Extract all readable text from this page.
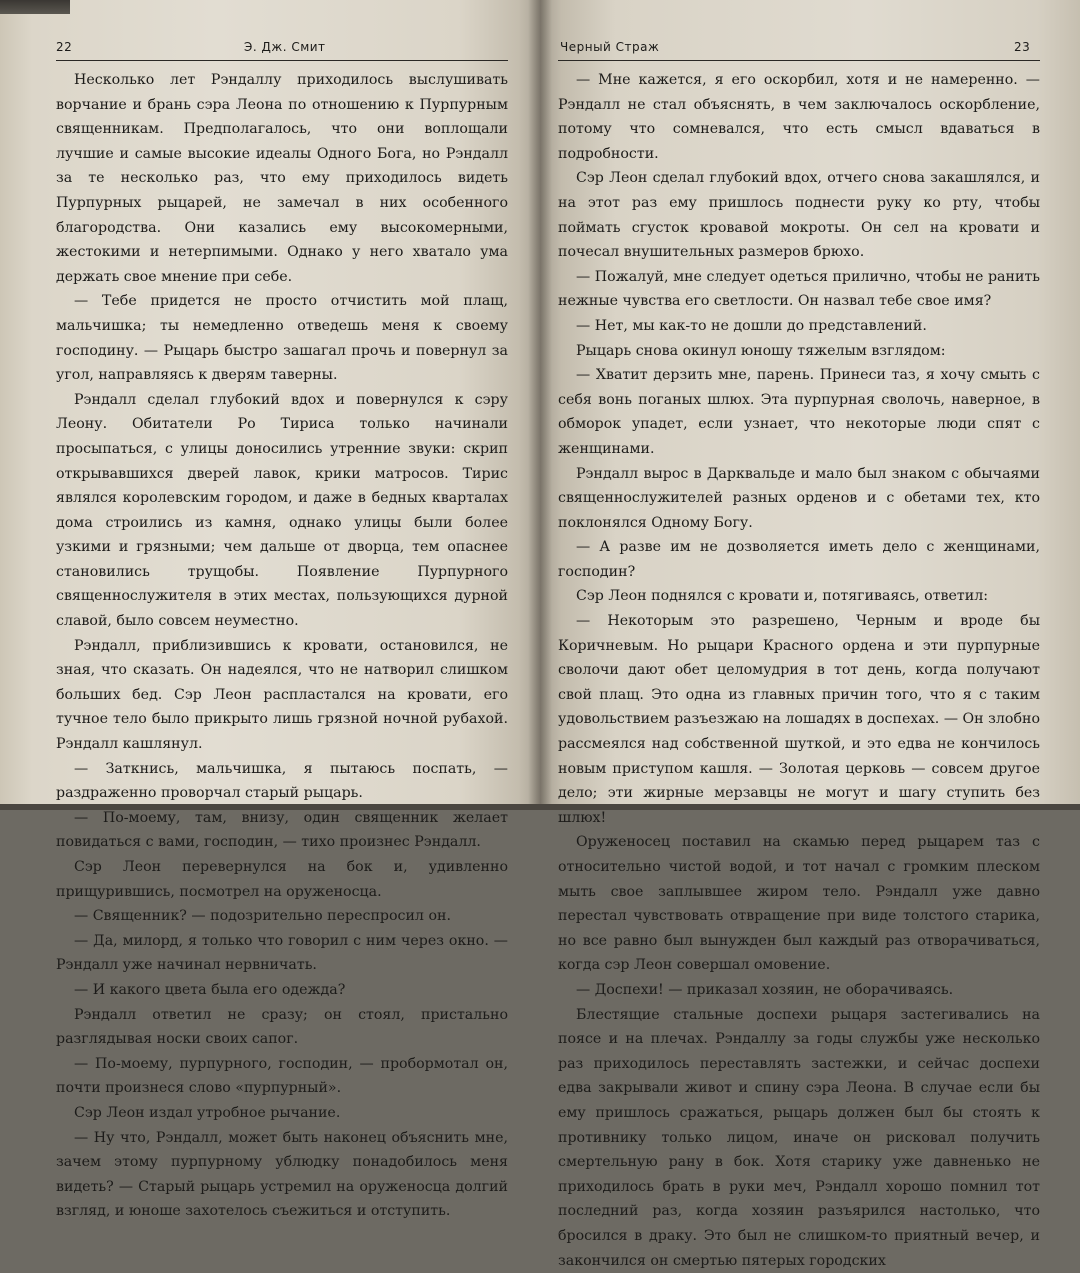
22	Э. Дж. Смит

Несколько лет Рэндаллу приходилось выслушивать ворчание и брань сэра Леона по отношению к Пурпурным священникам. Предполагалось, что они воплощали лучшие и самые высокие идеалы Одного Бога, но Рэндалл за те несколько раз, что ему приходилось видеть Пурпурных рыцарей, не замечал в них особенного благородства. Они казались ему высокомерными, жестокими и нетерпимыми. Однако у него хватало ума держать свое мнение при себе.

— Тебе придется не просто отчистить мой плащ, мальчишка; ты немедленно отведешь меня к своему господину. — Рыцарь быстро зашагал прочь и повернул за угол, направляясь к дверям таверны.

Рэндалл сделал глубокий вдох и повернулся к сэру Леону. Обитатели Ро Тириса только начинали просыпаться, с улицы доносились утренние звуки: скрип открывавшихся дверей лавок, крики матросов. Тирис являлся королевским городом, и даже в бедных кварталах дома строились из камня, однако улицы были более узкими и грязными; чем дальше от дворца, тем опаснее становились трущобы. Появление Пурпурного священнослужителя в этих местах, пользующихся дурной славой, было совсем неуместно.

Рэндалл, приблизившись к кровати, остановился, не зная, что сказать. Он надеялся, что не натворил слишком больших бед. Сэр Леон распластался на кровати, его тучное тело было прикрыто лишь грязной ночной рубахой. Рэндалл кашлянул.

— Заткнись, мальчишка, я пытаюсь поспать, — раздраженно проворчал старый рыцарь.

— По-моему, там, внизу, один священник желает повидаться с вами, господин, — тихо произнес Рэндалл.

Сэр Леон перевернулся на бок и, удивленно прищурившись, посмотрел на оруженосца.

— Священник? — подозрительно переспросил он.

— Да, милорд, я только что говорил с ним через окно. — Рэндалл уже начинал нервничать.

— И какого цвета была его одежда?

Рэндалл ответил не сразу; он стоял, пристально разглядывая носки своих сапог.

— По-моему, пурпурного, господин, — пробормотал он, почти произнеся слово «пурпурный».

Сэр Леон издал утробное рычание.

— Ну что, Рэндалл, может быть наконец объяснить мне, зачем этому пурпурному ублюдку понадобилось меня видеть? — Старый рыцарь устремил на оруженосца долгий взгляд, и юноше захотелось съежиться и отступить.

Черный Страж	23

— Мне кажется, я его оскорбил, хотя и не намеренно. — Рэндалл не стал объяснять, в чем заключалось оскорбление, потому что сомневался, что есть смысл вдаваться в подробности.

Сэр Леон сделал глубокий вдох, отчего снова закашлялся, и на этот раз ему пришлось поднести руку ко рту, чтобы поймать сгусток кровавой мокроты. Он сел на кровати и почесал внушительных размеров брюхо.

— Пожалуй, мне следует одеться прилично, чтобы не ранить нежные чувства его светлости. Он назвал тебе свое имя?

— Нет, мы как-то не дошли до представлений.

Рыцарь снова окинул юношу тяжелым взглядом:

— Хватит дерзить мне, парень. Принеси таз, я хочу смыть с себя вонь поганых шлюх. Эта пурпурная сволочь, наверное, в обморок упадет, если узнает, что некоторые люди спят с женщинами.

Рэндалл вырос в Дарквальде и мало был знаком с обычаями священнослужителей разных орденов и с обетами тех, кто поклонялся Одному Богу.

— А разве им не дозволяется иметь дело с женщинами, господин?

Сэр Леон поднялся с кровати и, потягиваясь, ответил:

— Некоторым это разрешено, Черным и вроде бы Коричневым. Но рыцари Красного ордена и эти пурпурные сволочи дают обет целомудрия в тот день, когда получают свой плащ. Это одна из главных причин того, что я с таким удовольствием разъезжаю на лошадях в доспехах. — Он злобно рассмеялся над собственной шуткой, и это едва не кончилось новым приступом кашля. — Золотая церковь — совсем другое дело; эти жирные мерзавцы не могут и шагу ступить без шлюх!

Оруженосец поставил на скамью перед рыцарем таз с относительно чистой водой, и тот начал с громким плеском мыть свое заплывшее жиром тело. Рэндалл уже давно перестал чувствовать отвращение при виде толстого старика, но все равно был вынужден был каждый раз отворачиваться, когда сэр Леон совершал омовение.

— Доспехи! — приказал хозяин, не оборачиваясь.

Блестящие стальные доспехи рыцаря застегивались на поясе и на плечах. Рэндаллу за годы службы уже несколько раз приходилось переставлять застежки, и сейчас доспехи едва закрывали живот и спину сэра Леона. В случае если бы ему пришлось сражаться, рыцарь должен был бы стоять к противнику только лицом, иначе он рисковал получить смертельную рану в бок. Хотя старику уже давненько не приходилось брать в руки меч, Рэндалл хорошо помнил тот последний раз, когда хозяин разъярился настолько, что бросился в драку. Это был не слишком-то приятный вечер, и закончился он смертью пятерых городских
